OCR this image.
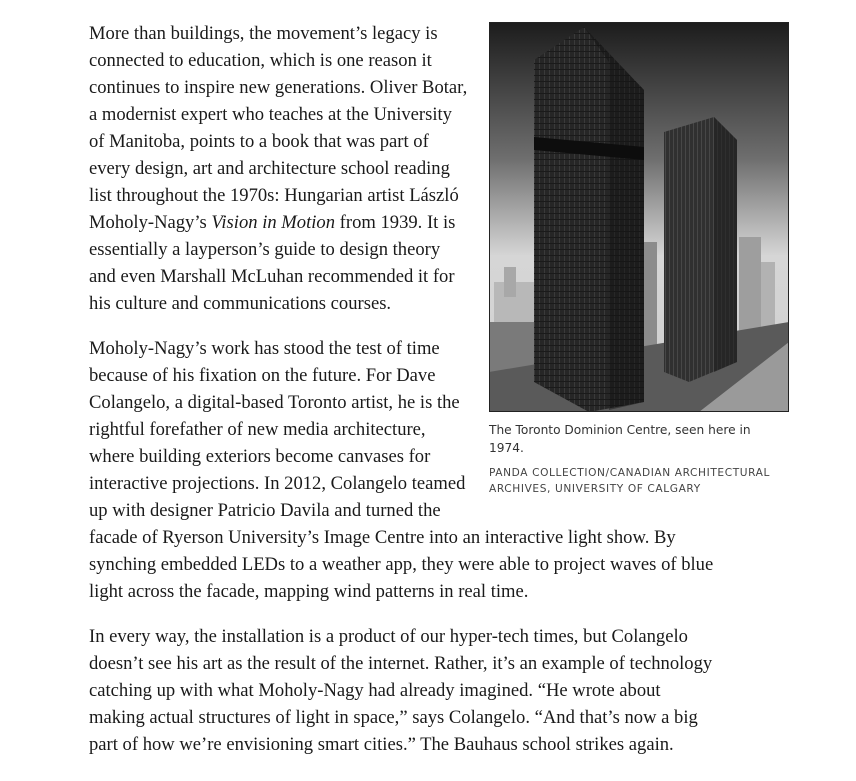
The Toronto Dominion Centre, seen here in 1974.
PANDA COLLECTION/CANADIAN ARCHITECTURAL ARCHIVES, UNIVERSITY OF CALGARY

More than buildings, the movement’s legacy is connected to education, which is one reason it continues to inspire new generations. Oliver Botar, a modernist expert who teaches at the University of Manitoba, points to a book that was part of every design, art and architecture school reading list throughout the 1970s: Hungarian artist László Moholy-Nagy’s Vision in Motion from 1939. It is essentially a layperson’s guide to design theory and even Marshall McLuhan recommended it for his culture and communications courses.

Moholy-Nagy’s work has stood the test of time because of his fixation on the future. For Dave Colangelo, a digital-based Toronto artist, he is the rightful forefather of new media architecture, where building exteriors become canvases for interactive projections. In 2012, Colangelo teamed up with designer Patricio Davila and turned the facade of Ryerson University’s Image Centre into an interactive light show. By synching embedded LEDs to a weather app, they were able to project waves of blue light across the facade, mapping wind patterns in real time.

In every way, the installation is a product of our hyper-tech times, but Colangelo doesn’t see his art as the result of the internet. Rather, it’s an example of technology catching up with what Moholy-Nagy had already imagined. “He wrote about making actual structures of light in space,” says Colangelo. “And that’s now a big part of how we’re envisioning smart cities.” The Bauhaus school strikes again.
